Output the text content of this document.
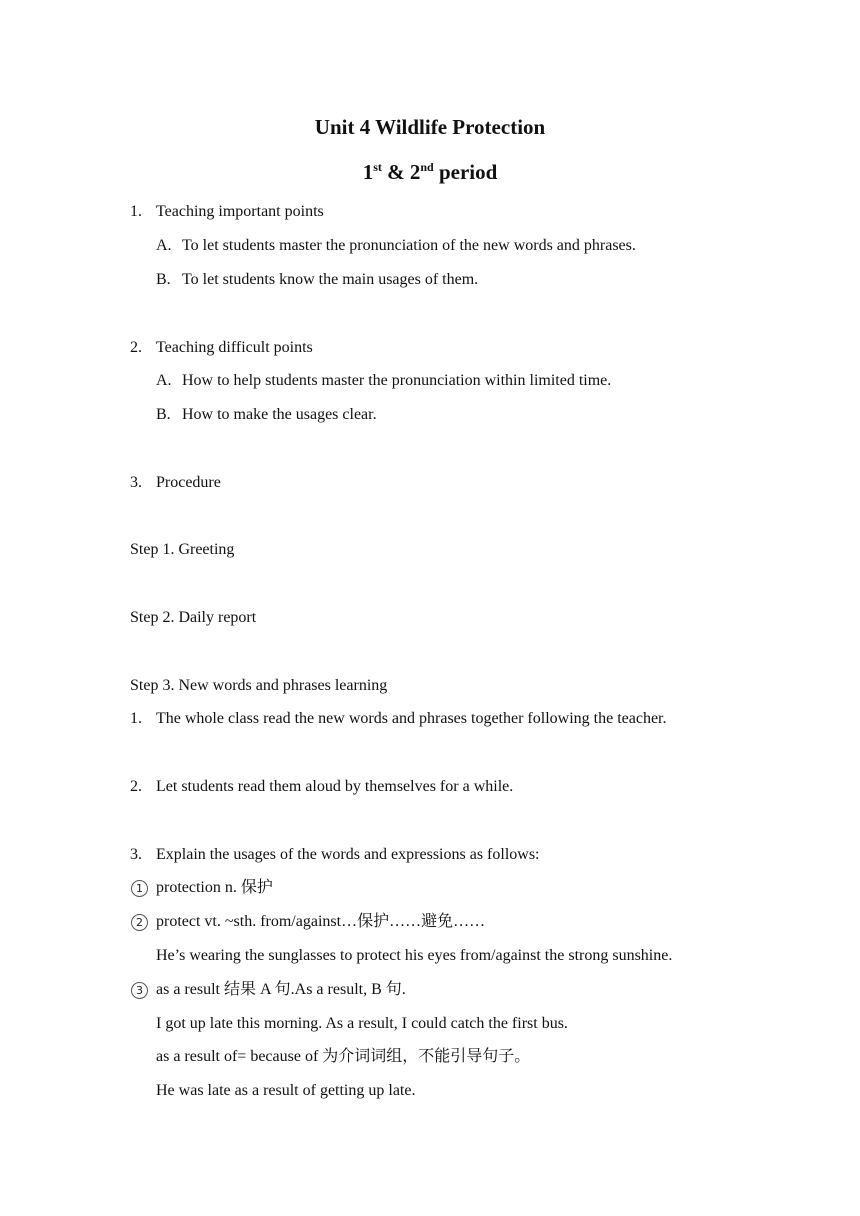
Unit 4 Wildlife Protection
1st & 2nd period
1. Teaching important points
A. To let students master the pronunciation of the new words and phrases.
B. To let students know the main usages of them.
2. Teaching difficult points
A. How to help students master the pronunciation within limited time.
B. How to make the usages clear.
3. Procedure
Step 1. Greeting
Step 2. Daily report
Step 3. New words and phrases learning
1. The whole class read the new words and phrases together following the teacher.
2. Let students read them aloud by themselves for a while.
3. Explain the usages of the words and expressions as follows:
1 protection n. 保护
2 protect vt. ~sth. from/against…保护……避免……
He’s wearing the sunglasses to protect his eyes from/against the strong sunshine.
3 as a result 结果 A 句.As a result, B 句.
I got up late this morning. As a result, I could catch the first bus.
as a result of= because of 为介词词组，不能引导句子。
He was late as a result of getting up late.
